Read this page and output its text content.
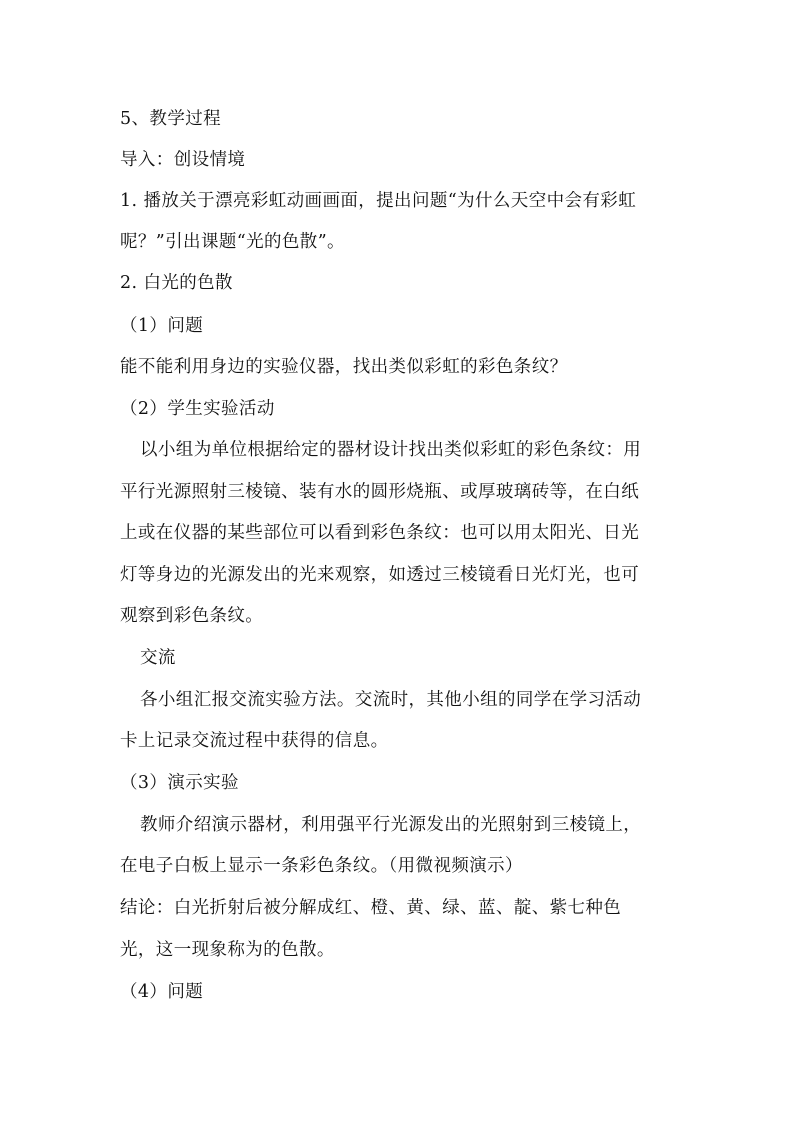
5、教学过程
导入：创设情境
1. 播放关于漂亮彩虹动画画面，提出问题“为什么天空中会有彩虹
呢？”引出课题“光的色散”。
2. 白光的色散
（1）问题
能不能利用身边的实验仪器，找出类似彩虹的彩色条纹？
（2）学生实验活动
以小组为单位根据给定的器材设计找出类似彩虹的彩色条纹：用
平行光源照射三棱镜、装有水的圆形烧瓶、或厚玻璃砖等，在白纸
上或在仪器的某些部位可以看到彩色条纹：也可以用太阳光、日光
灯等身边的光源发出的光来观察，如透过三棱镜看日光灯光，也可
观察到彩色条纹。
交流
各小组汇报交流实验方法。交流时，其他小组的同学在学习活动
卡上记录交流过程中获得的信息。
（3）演示实验
教师介绍演示器材，利用强平行光源发出的光照射到三棱镜上，
在电子白板上显示一条彩色条纹。（用微视频演示）
结论：白光折射后被分解成红、橙、黄、绿、蓝、靛、紫七种色
光，这一现象称为的色散。
（4）问题
